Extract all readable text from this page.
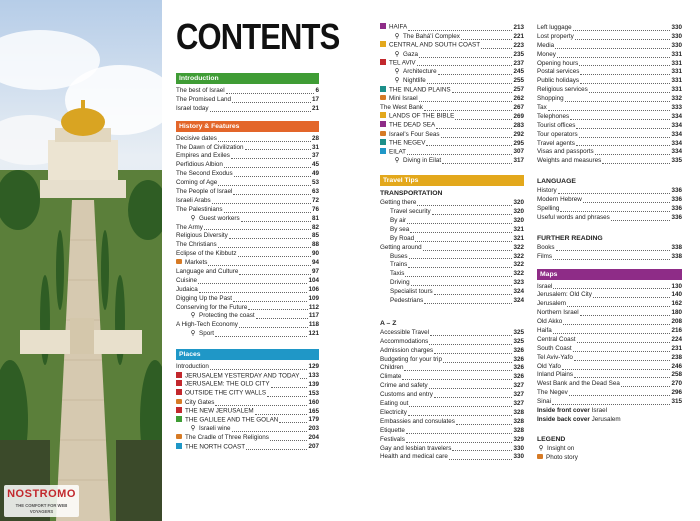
NOSTROMO
THE COMFORT FOR WEB VOYAGERS
CONTENTS
Introduction
The best of Israel	6
The Promised Land	17
Israel today	21
History & Features
Decisive dates	28
The Dawn of Civilization	31
Empires and Exiles	37
Perfidious Albion	45
The Second Exodus	49
Coming of Age	53
The People of Israel	63
Israeli Arabs	72
The Palestinians	76
⚲ Guest workers	81
The Army	82
Religious Diversity	85
The Christians	88
Eclipse of the Kibbutz	90
Markets	94
Language and Culture	97
Cuisine	104
Judaica	106
Digging Up the Past	109
Conserving for the Future	112
⚲ Protecting the coast	117
A High-Tech Economy	118
⚲ Sport	121
Places
Introduction	129
JERUSALEM YESTERDAY AND TODAY 133
JERUSALEM: THE OLD CITY	139
OUTSIDE THE CITY WALLS	153
City Gates	160
THE NEW JERUSALEM	165
THE GALILEE AND THE GOLAN	179
⚲ Israeli wine	203
The Cradle of Three Religions	204
THE NORTH COAST	207
HAIFA	213
⚲ The Bahá'í Complex	221
CENTRAL AND SOUTH COAST	223
⚲ Gaza	235
TEL AVIV	237
⚲ Architecture	245
⚲ Nightlife	255
THE INLAND PLAINS	257
Mini Israel	262
The West Bank	267
LANDS OF THE BIBLE	269
THE DEAD SEA	283
Israel's Four Seas	292
THE NEGEV	295
EILAT	307
⚲ Diving in Eilat	317
Travel Tips
TRANSPORTATION
Getting there	320
Travel security	320
By air	320
By sea	321
By Road	321
Getting around	322
Buses	322
Trains	322
Taxis	322
Driving	323
Specialist tours	324
Pedestrians	324
A – Z
Accessible Travel	325
Accommodations	325
Admission charges	326
Budgeting for your trip	326
Children	326
Climate	326
Crime and safety	327
Customs and entry	327
Eating out	327
Electricity	328
Embassies and consulates	328
Etiquette	328
Festivals	329
Gay and lesbian travelers	330
Health and medical care	330
Left luggage	330
Lost property	330
Media	330
Money	331
Opening hours	331
Postal services	331
Public holidays	331
Religious services	331
Shopping	332
Tax	333
Telephones	334
Tourist offices	334
Tour operators	334
Travel agents	334
Visas and passports	334
Weights and measures	335
LANGUAGE
History	336
Modern Hebrew	336
Spelling	336
Useful words and phrases	336
FURTHER READING
Books	338
Films	338
Maps
Israel	130
Jerusalem: Old City	140
Jerusalem	162
Northern Israel	180
Old Akko	208
Haifa	216
Central Coast	224
South Coast	231
Tel Aviv-Yafo	238
Old Yafo	246
Inland Plains	258
West Bank and the Dead Sea	270
The Negev	296
Sinai	315
Inside front cover Israel
Inside back cover Jerusalem
LEGEND
⚲ Insight on
Photo story
